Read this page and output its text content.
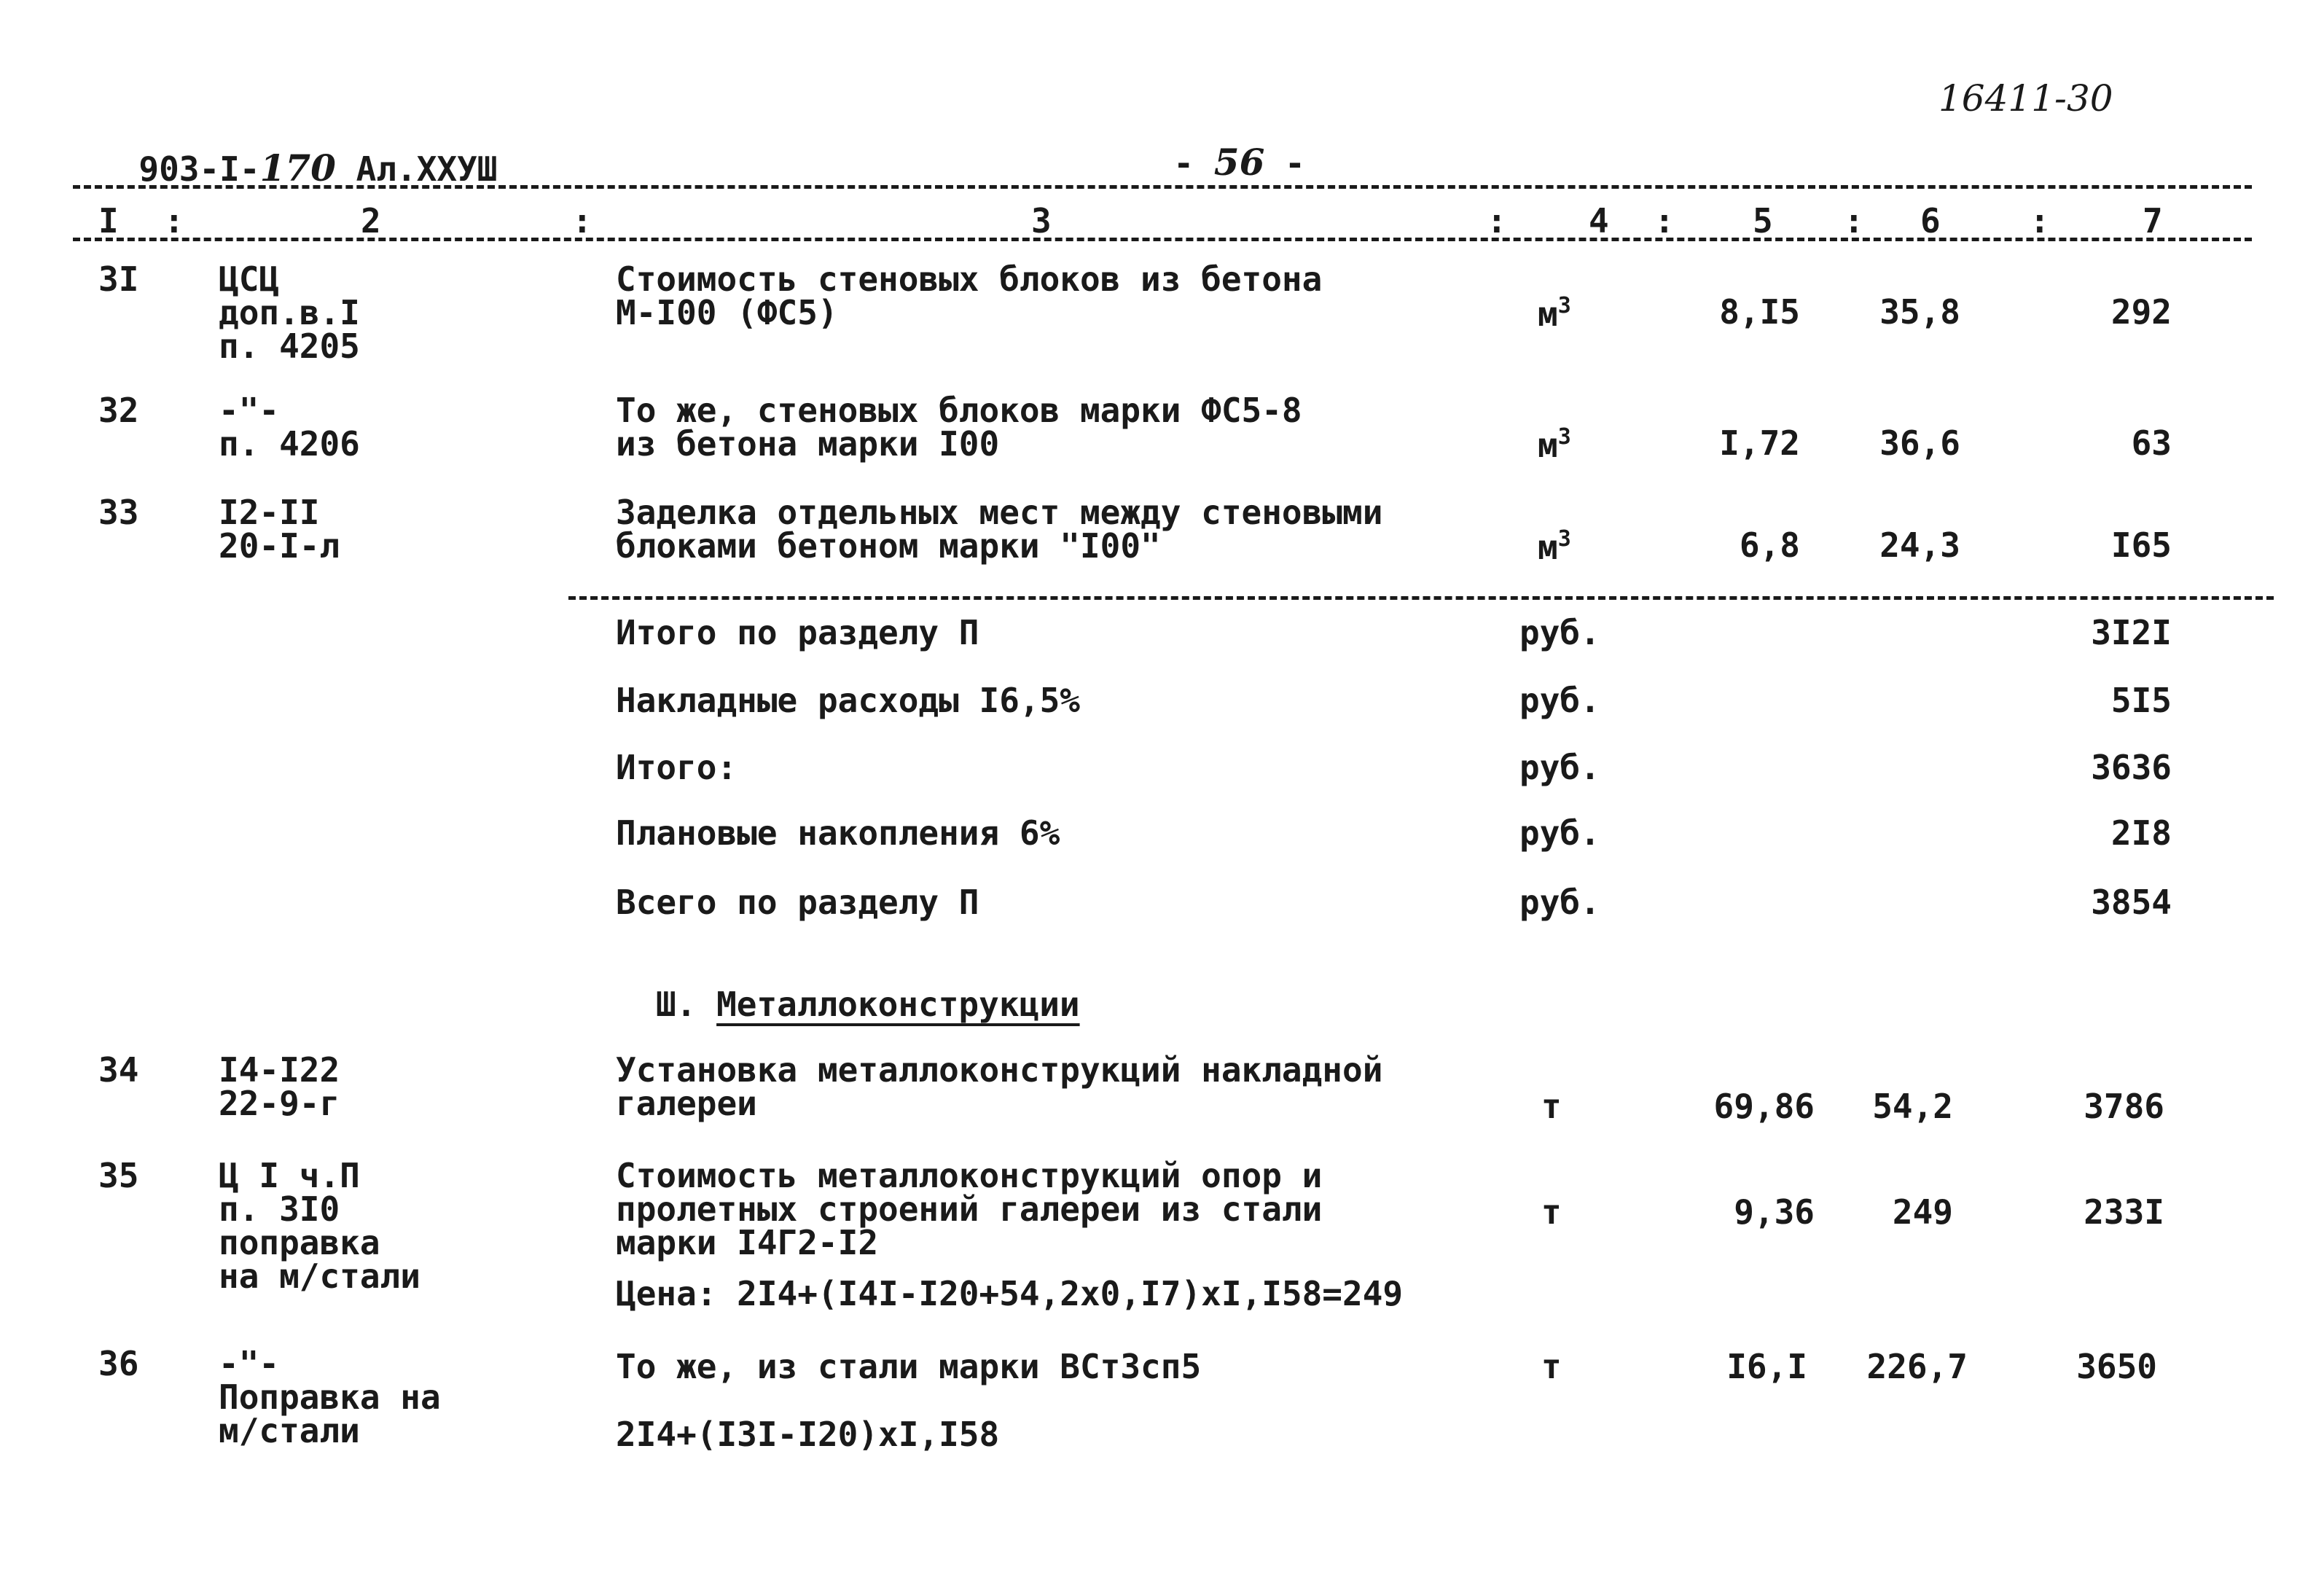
903-I-170 Ал.XXУШ	- 56 -

16411-30
I :	2	:	3	: 4 : 5 : 6	:	7
3I ЦСЦ
доп.в.I
п. 4205
Стоимость стеновых блоков из бетона
М-I00 (ФС5)	$м^3$	8,I5	35,8	292
32 -"-
п. 4206
То же, стеновых блоков марки ФС5-8
из бетона марки I00	$м^3$	I,72	36,6	63
33 I2-II
20-I-л
Заделка отдельных мест между стеновыми
блоками бетоном марки "I00"	$м^3$	6,8	24,3	I65
Итого по разделу П	руб.	3I2I
Накладные расходы I6,5%	руб.	5I5
Итого:	руб.	3636
Плановые накопления 6%	руб.	2I8
Всего по разделу П	руб.	3854
Ш. Металлоконструкции
34 I4-I22
22-9-г
Установка металлоконструкций накладной
галереи	т	69,86	54,2	3786
35 Ц I ч.П
п. 3I0
поправка
на м/стали
Стоимость металлоконструкций опор и
пролетных строений галереи из стали
марки I4Г2-I2
Цена: 2I4+(I4I-I20+54,2x0,I7)xI,I58=249
т	9,36	249	233I
36 -"-
Поправка на
м/стали
То же, из стали марки ВСт3сп5
2I4+(I3I-I20)xI,I58
т	I6,I	226,7	3650
